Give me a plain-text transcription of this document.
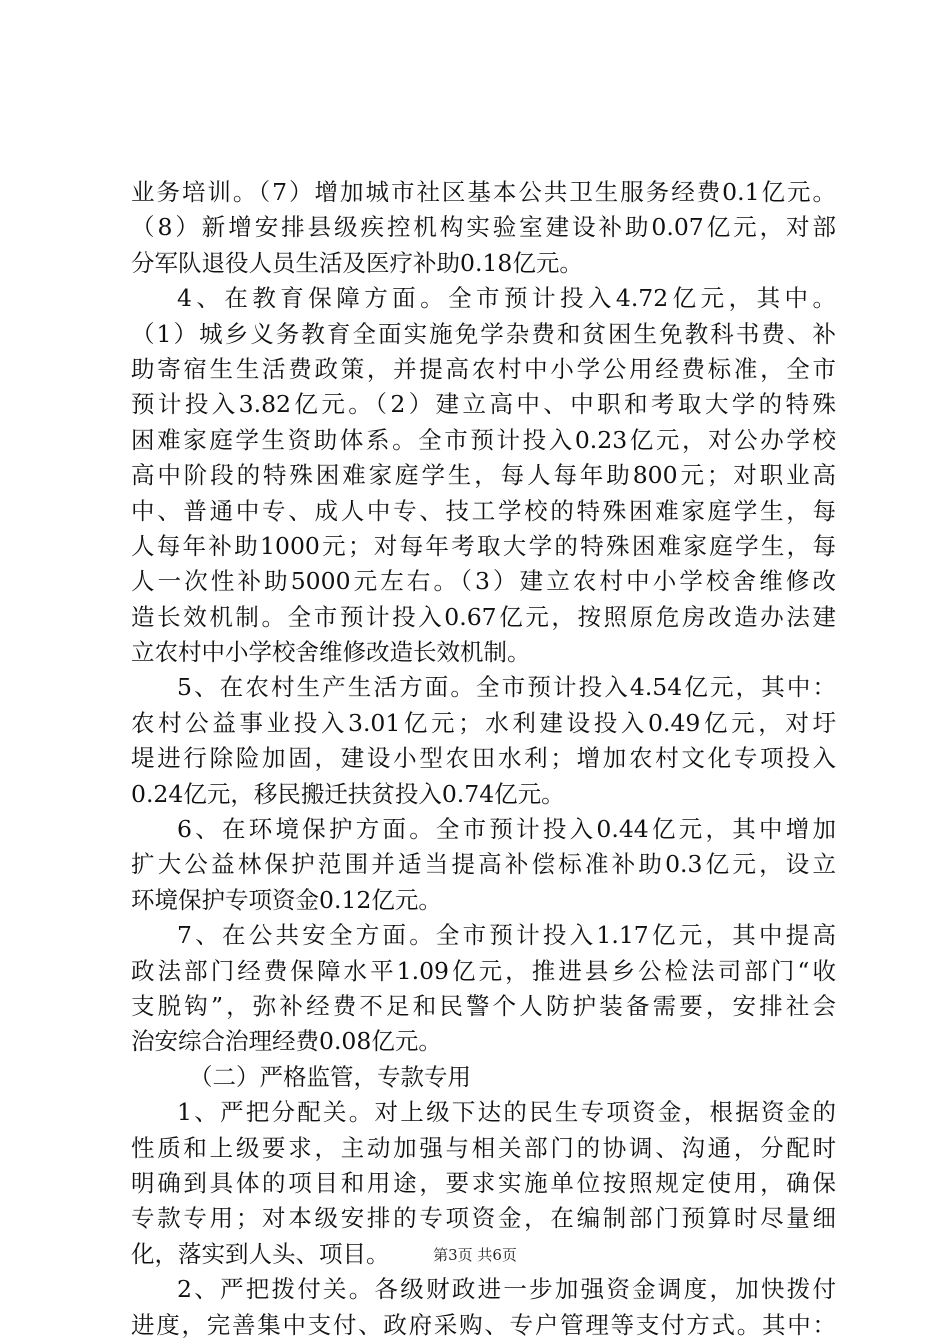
业务培训。（7）增加城市社区基本公共卫生服务经费0.1亿元。
（8）新增安排县级疾控机构实验室建设补助0.07亿元，对部
分军队退役人员生活及医疗补助0.18亿元。
4、在教育保障方面。全市预计投入4.72亿元，其中。
（1）城乡义务教育全面实施免学杂费和贫困生免教科书费、补
助寄宿生生活费政策，并提高农村中小学公用经费标准，全市
预计投入3.82亿元。（2）建立高中、中职和考取大学的特殊
困难家庭学生资助体系。全市预计投入0.23亿元，对公办学校
高中阶段的特殊困难家庭学生，每人每年助800元；对职业高
中、普通中专、成人中专、技工学校的特殊困难家庭学生，每
人每年补助1000元；对每年考取大学的特殊困难家庭学生，每
人一次性补助5000元左右。（3）建立农村中小学校舍维修改
造长效机制。全市预计投入0.67亿元，按照原危房改造办法建
立农村中小学校舍维修改造长效机制。
5、在农村生产生活方面。全市预计投入4.54亿元，其中：
农村公益事业投入3.01亿元；水利建设投入0.49亿元，对圩
堤进行除险加固，建设小型农田水利；增加农村文化专项投入
0.24亿元，移民搬迁扶贫投入0.74亿元。
6、在环境保护方面。全市预计投入0.44亿元，其中增加
扩大公益林保护范围并适当提高补偿标准补助0.3亿元，设立
环境保护专项资金0.12亿元。
7、在公共安全方面。全市预计投入1.17亿元，其中提高
政法部门经费保障水平1.09亿元，推进县乡公检法司部门“收
支脱钩”，弥补经费不足和民警个人防护装备需要，安排社会
治安综合治理经费0.08亿元。
（二）严格监管，专款专用
1、严把分配关。对上级下达的民生专项资金，根据资金的
性质和上级要求，主动加强与相关部门的协调、沟通，分配时
明确到具体的项目和用途，要求实施单位按照规定使用，确保
专款专用；对本级安排的专项资金，在编制部门预算时尽量细
化，落实到人头、项目。
2、严把拨付关。各级财政进一步加强资金调度，加快拨付
进度，完善集中支付、政府采购、专户管理等支付方式。其中：
第3页 共6页
